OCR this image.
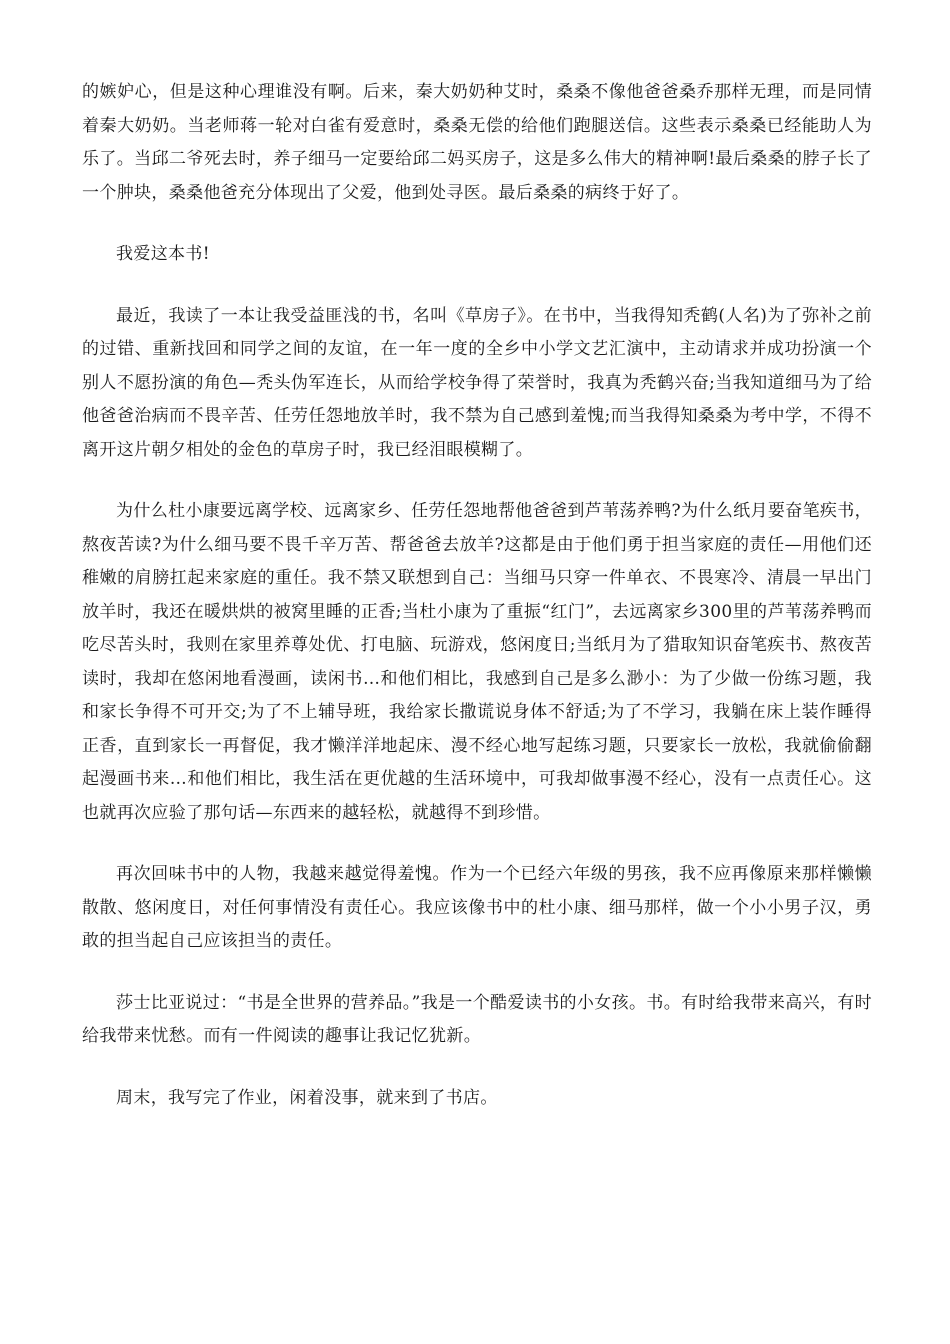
的嫉妒心，但是这种心理谁没有啊。后来，秦大奶奶种艾时，桑桑不像他爸爸桑乔那样无理，而是同情着秦大奶奶。当老师蒋一轮对白雀有爱意时，桑桑无偿的给他们跑腿送信。这些表示桑桑已经能助人为乐了。当邱二爷死去时，养子细马一定要给邱二妈买房子，这是多么伟大的精神啊!最后桑桑的脖子长了一个肿块，桑桑他爸充分体现出了父爱，他到处寻医。最后桑桑的病终于好了。

我爱这本书!

最近，我读了一本让我受益匪浅的书，名叫《草房子》。在书中，当我得知秃鹤(人名)为了弥补之前的过错、重新找回和同学之间的友谊，在一年一度的全乡中小学文艺汇演中，主动请求并成功扮演一个别人不愿扮演的角色—秃头伪军连长，从而给学校争得了荣誉时，我真为秃鹤兴奋;当我知道细马为了给他爸爸治病而不畏辛苦、任劳任怨地放羊时，我不禁为自己感到羞愧;而当我得知桑桑为考中学，不得不离开这片朝夕相处的金色的草房子时，我已经泪眼模糊了。

为什么杜小康要远离学校、远离家乡、任劳任怨地帮他爸爸到芦苇荡养鸭?为什么纸月要奋笔疾书，熬夜苦读?为什么细马要不畏千辛万苦、帮爸爸去放羊?这都是由于他们勇于担当家庭的责任—用他们还稚嫩的肩膀扛起来家庭的重任。我不禁又联想到自己：当细马只穿一件单衣、不畏寒冷、清晨一早出门放羊时，我还在暖烘烘的被窝里睡的正香;当杜小康为了重振“红门”，去远离家乡300里的芦苇荡养鸭而吃尽苦头时，我则在家里养尊处优、打电脑、玩游戏，悠闲度日;当纸月为了猎取知识奋笔疾书、熬夜苦读时，我却在悠闲地看漫画，读闲书…和他们相比，我感到自己是多么渺小：为了少做一份练习题，我和家长争得不可开交;为了不上辅导班，我给家长撒谎说身体不舒适;为了不学习，我躺在床上装作睡得正香，直到家长一再督促，我才懒洋洋地起床、漫不经心地写起练习题，只要家长一放松，我就偷偷翻起漫画书来…和他们相比，我生活在更优越的生活环境中，可我却做事漫不经心，没有一点责任心。这也就再次应验了那句话—东西来的越轻松，就越得不到珍惜。

再次回味书中的人物，我越来越觉得羞愧。作为一个已经六年级的男孩，我不应再像原来那样懒懒散散、悠闲度日，对任何事情没有责任心。我应该像书中的杜小康、细马那样，做一个小小男子汉，勇敢的担当起自己应该担当的责任。

莎士比亚说过：“书是全世界的营养品。”我是一个酷爱读书的小女孩。书。有时给我带来高兴，有时给我带来忧愁。而有一件阅读的趣事让我记忆犹新。

周末，我写完了作业，闲着没事，就来到了书店。
